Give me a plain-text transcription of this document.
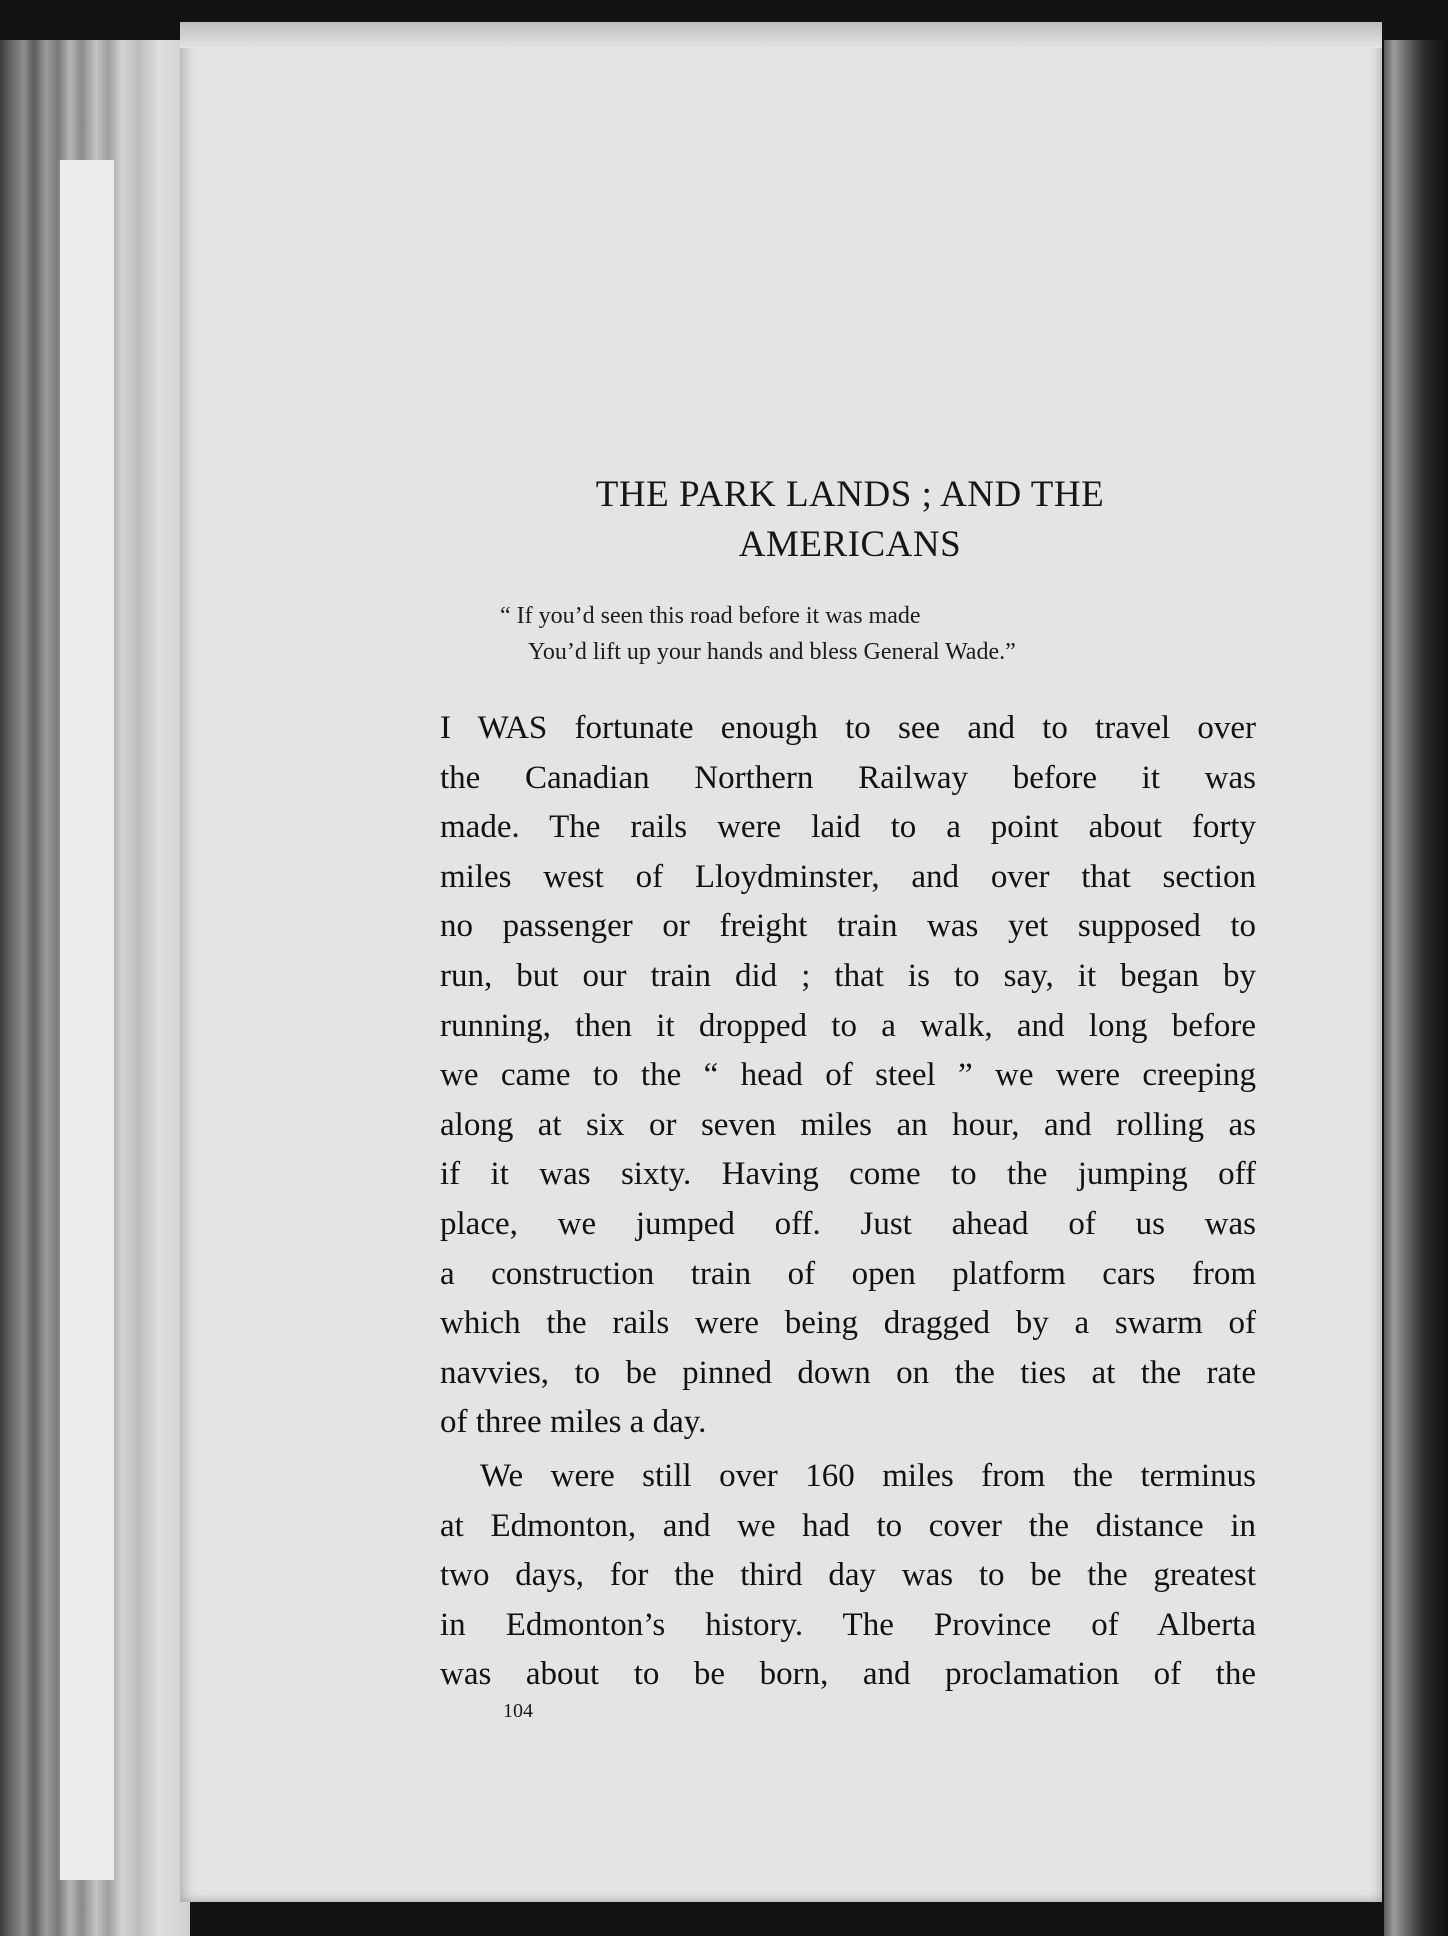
THE PARK LANDS ; AND THE
AMERICANS

“ If you’d seen this road before it was made
You’d lift up your hands and bless General Wade.”

I WAS fortunate enough to see and to travel over
the Canadian Northern Railway before it was
made. The rails were laid to a point about forty
miles west of Lloydminster, and over that section
no passenger or freight train was yet supposed to
run, but our train did ; that is to say, it began by
running, then it dropped to a walk, and long before
we came to the “ head of steel ” we were creeping
along at six or seven miles an hour, and rolling as
if it was sixty. Having come to the jumping off
place, we jumped off. Just ahead of us was
a construction train of open platform cars from
which the rails were being dragged by a swarm of
navvies, to be pinned down on the ties at the rate
of three miles a day.
We were still over 160 miles from the terminus
at Edmonton, and we had to cover the distance in
two days, for the third day was to be the greatest
in Edmonton’s history. The Province of Alberta
was about to be born, and proclamation of the
104
